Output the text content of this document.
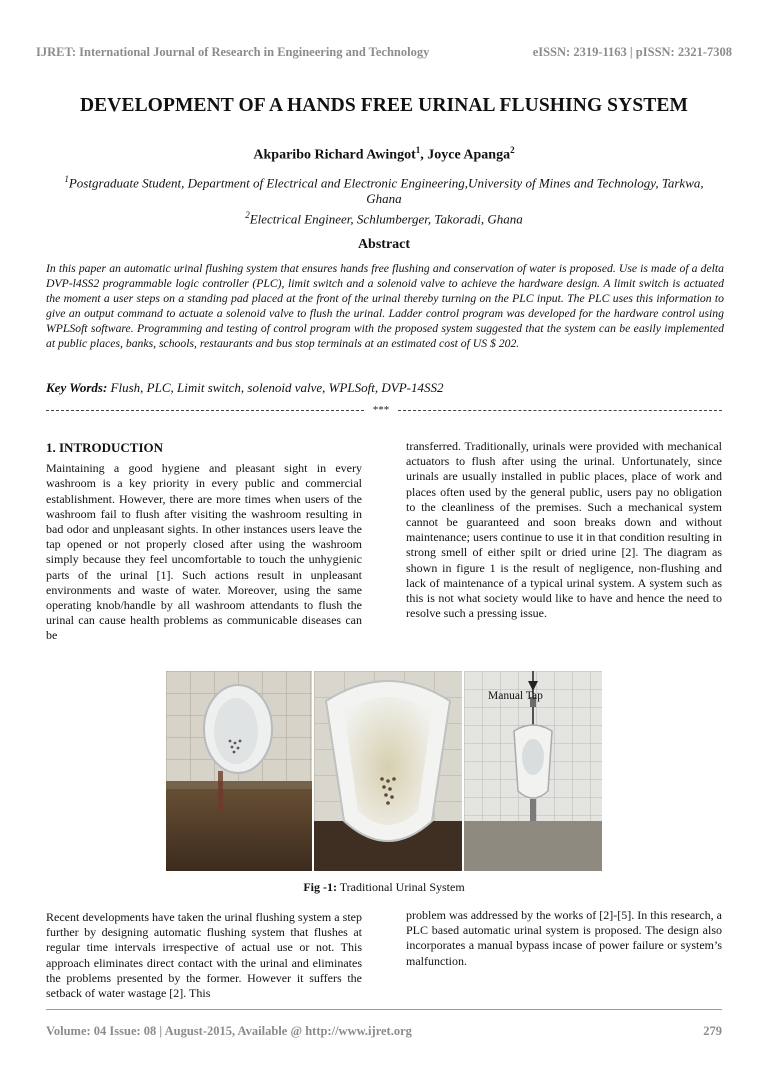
IJRET: International Journal of Research in Engineering and Technology	eISSN: 2319-1163 | pISSN: 2321-7308
DEVELOPMENT OF A HANDS FREE URINAL FLUSHING SYSTEM
Akparibo Richard Awingot$^1$, Joyce Apanga$^2$
$^1$Postgraduate Student, Department of Electrical and Electronic Engineering,University of Mines and Technology, Tarkwa, Ghana
$^2$Electrical Engineer, Schlumberger, Takoradi, Ghana
Abstract
In this paper an automatic urinal flushing system that ensures hands free flushing and conservation of water is proposed. Use is made of a delta DVP-l4SS2 programmable logic controller (PLC), limit switch and a solenoid valve to achieve the hardware design. A limit switch is actuated the moment a user steps on a standing pad placed at the front of the urinal thereby turning on the PLC input. The PLC uses this information to give an output command to actuate a solenoid valve to flush the urinal. Ladder control program was developed for the hardware control using WPLSoft software. Programming and testing of control program with the proposed system suggested that the system can be easily implemented at public places, banks, schools, restaurants and bus stop terminals at an estimated cost of US $ 202.
Key Words: Flush, PLC, Limit switch, solenoid valve, WPLSoft, DVP-14SS2
***
1. INTRODUCTION
Maintaining a good hygiene and pleasant sight in every washroom is a key priority in every public and commercial establishment. However, there are more times when users of the washroom fail to flush after visiting the washroom resulting in bad odor and unpleasant sights. In other instances users leave the tap opened or not properly closed after using the washroom simply because they feel uncomfortable to touch the unhygienic parts of the urinal [1]. Such actions result in unpleasant environments and waste of water. Moreover, using the same operating knob/handle by all washroom attendants to flush the urinal can cause health problems as communicable diseases can be
transferred. Traditionally, urinals were provided with mechanical actuators to flush after using the urinal. Unfortunately, since urinals are usually installed in public places, place of work and places often used by the general public, users pay no obligation to the cleanliness of the premises. Such a mechanical system cannot be guaranteed and soon breaks down and without maintenance; users continue to use it in that condition resulting in strong smell of either spilt or dried urine [2]. The diagram as shown in figure 1 is the result of negligence, non-flushing and lack of maintenance of a typical urinal system. A system such as this is not what society would like to have and hence the need to resolve such a pressing issue.
Manual Tap
Fig -1: Traditional Urinal System
Recent developments have taken the urinal flushing system a step further by designing automatic flushing system that flushes at regular time intervals irrespective of actual use or not. This approach eliminates direct contact with the urinal and eliminates the problems presented by the former. However it suffers the setback of water wastage [2]. This
problem was addressed by the works of [2]-[5]. In this research, a PLC based automatic urinal system is proposed. The design also incorporates a manual bypass incase of power failure or system’s malfunction.
Volume: 04 Issue: 08 | August-2015, Available @ http://www.ijret.org	279
